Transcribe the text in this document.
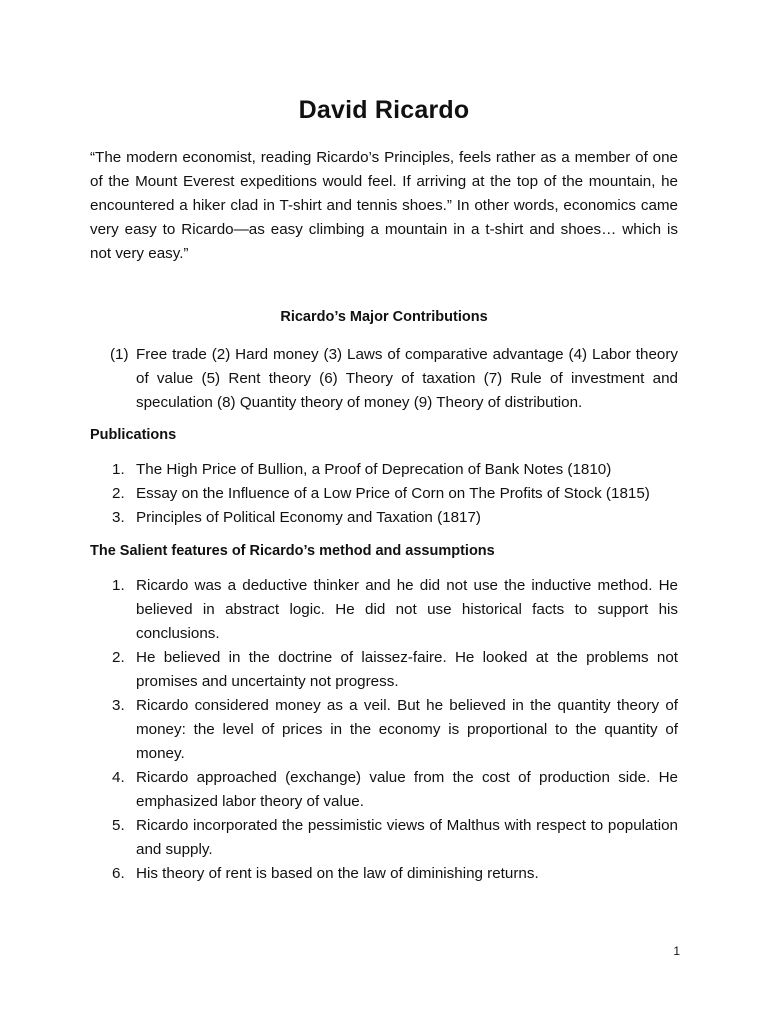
David Ricardo
“The modern economist, reading Ricardo’s Principles, feels rather as a member of one of the Mount Everest expeditions would feel. If arriving at the top of the mountain, he encountered a hiker clad in T-shirt and tennis shoes.” In other words, economics came very easy to Ricardo—as easy climbing a mountain in a t-shirt and shoes… which is not very easy.”
Ricardo’s Major Contributions
(1) Free trade (2) Hard money (3) Laws of comparative advantage (4) Labor theory of value (5) Rent theory (6) Theory of taxation (7) Rule of investment and speculation (8) Quantity theory of money (9) Theory of distribution.
Publications
1. The High Price of Bullion, a Proof of Deprecation of Bank Notes (1810)
2. Essay on the Influence of a Low Price of Corn on The Profits of Stock (1815)
3. Principles of Political Economy and Taxation (1817)
The Salient features of Ricardo’s method and assumptions
1. Ricardo was a deductive thinker and he did not use the inductive method. He believed in abstract logic. He did not use historical facts to support his conclusions.
2. He believed in the doctrine of laissez-faire. He looked at the problems not promises and uncertainty not progress.
3. Ricardo considered money as a veil. But he believed in the quantity theory of money: the level of prices in the economy is proportional to the quantity of money.
4. Ricardo approached (exchange) value from the cost of production side. He emphasized labor theory of value.
5. Ricardo incorporated the pessimistic views of Malthus with respect to population and supply.
6. His theory of rent is based on the law of diminishing returns.
1
